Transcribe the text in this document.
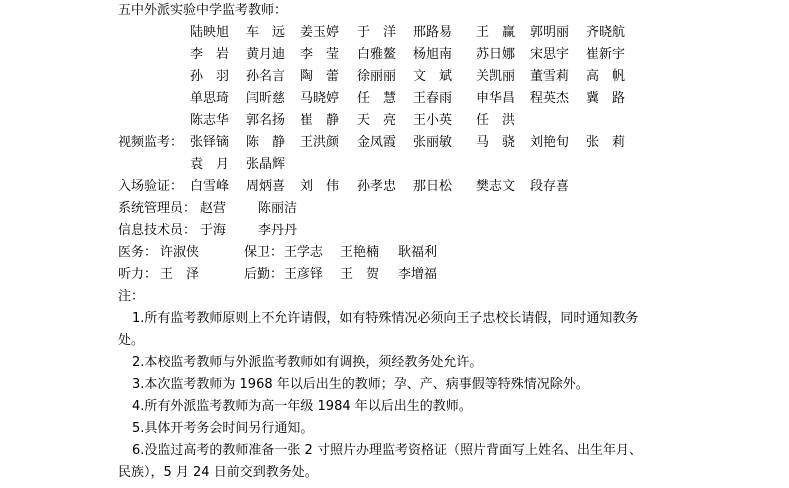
五中外派实验中学监考教师：
陆映旭 车　远 姜玉婷 于　洋 邢路易 王　赢 郭明丽 齐晓航
李　岩 黄月迪 李　莹 白雅鳌 杨旭南 苏日娜 宋思宇 崔新宇
孙　羽 孙名言 陶　蕾 徐丽丽 文　斌 关凯丽 董雪莉 高　帆
单思琦 闫昕慈 马晓婷 任　慧 王春雨 申华昌 程英杰 冀　路
陈志华 郭名扬 崔　静 天　亮 王小英 任　洪
视频监考： 张铎镝 陈　静 王洪颜 金凤霞 张丽敏 马　骁 刘艳旬 张　莉
袁　月 张晶辉
入场验证： 白雪峰 周炳喜 刘　伟 孙孝忠 那日松 樊志文 段存喜
系统管理员： 赵营 陈丽洁
信息技术员： 于海 李丹丹
医务： 许淑侠	保卫： 王学志 王艳楠 耿福利
听力： 王　泽	后勤： 王彦铎 王　贺 李增福
注：
1.所有监考教师原则上不允许请假，如有特殊情况必须向王子忠校长请假，同时通知教务
处。
2.本校监考教师与外派监考教师如有调换，须经教务处允许。
3.本次监考教师为 1968 年以后出生的教师；孕、产、病事假等特殊情况除外。
4.所有外派监考教师为高一年级 1984 年以后出生的教师。
5.具体开考务会时间另行通知。
6.没监过高考的教师准备一张 2 寸照片办理监考资格证（照片背面写上姓名、出生年月、
民族），5 月 24 日前交到教务处。
